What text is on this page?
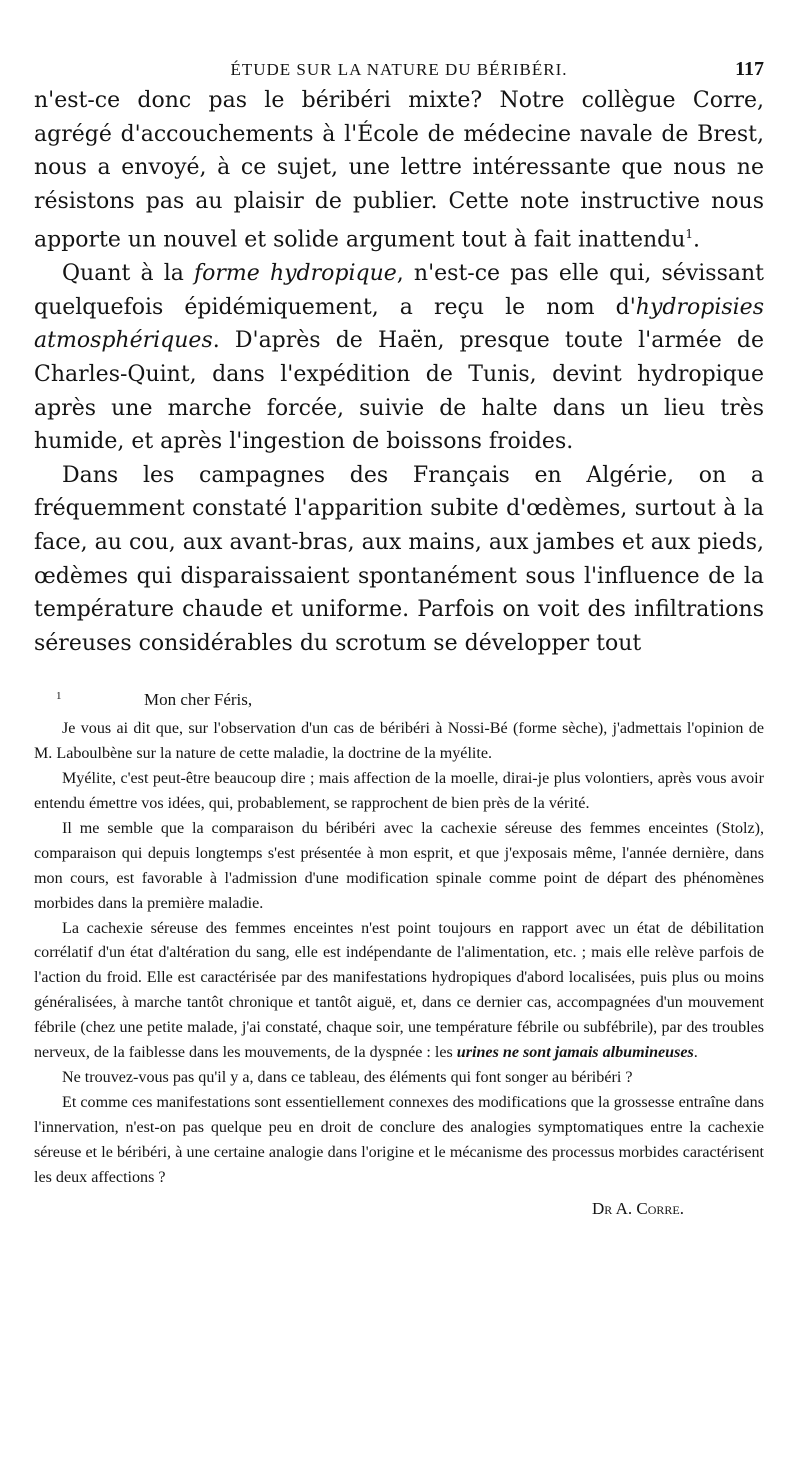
ÉTUDE SUR LA NATURE DU BÉRIBÉRI.	117

n'est-ce donc pas le béribéri mixte? Notre collègue Corre, agrégé d'accouchements à l'École de médecine navale de Brest, nous a envoyé, à ce sujet, une lettre intéressante que nous ne résistons pas au plaisir de publier. Cette note instructive nous apporte un nouvel et solide argument tout à fait inattendu$^1$.

Quant à la forme hydropique, n'est-ce pas elle qui, sévissant quelquefois épidémiquement, a reçu le nom d'hydropisies atmosphériques. D'après de Haën, presque toute l'armée de Charles-Quint, dans l'expédition de Tunis, devint hydropique après une marche forcée, suivie de halte dans un lieu très humide, et après l'ingestion de boissons froides.

Dans les campagnes des Français en Algérie, on a fréquemment constaté l'apparition subite d'œdèmes, surtout à la face, au cou, aux avant-bras, aux mains, aux jambes et aux pieds, œdèmes qui disparaissaient spontanément sous l'influence de la température chaude et uniforme. Parfois on voit des infiltrations séreuses considérables du scrotum se développer tout

1	Mon cher Féris,

Je vous ai dit que, sur l'observation d'un cas de béribéri à Nossi-Bé (forme sèche), j'admettais l'opinion de M. Laboulbène sur la nature de cette maladie, la doctrine de la myélite.

Myélite, c'est peut-être beaucoup dire ; mais affection de la moelle, dirai-je plus volontiers, après vous avoir entendu émettre vos idées, qui, probablement, se rapprochent de bien près de la vérité.

Il me semble que la comparaison du béribéri avec la cachexie séreuse des femmes enceintes (Stolz), comparaison qui depuis longtemps s'est présentée à mon esprit, et que j'exposais même, l'année dernière, dans mon cours, est favorable à l'admission d'une modification spinale comme point de départ des phénomènes morbides dans la première maladie.

La cachexie séreuse des femmes enceintes n'est point toujours en rapport avec un état de débilitation corrélatif d'un état d'altération du sang, elle est indépendante de l'alimentation, etc. ; mais elle relève parfois de l'action du froid. Elle est caractérisée par des manifestations hydropiques d'abord localisées, puis plus ou moins généralisées, à marche tantôt chronique et tantôt aiguë, et, dans ce dernier cas, accompagnées d'un mouvement fébrile (chez une petite malade, j'ai constaté, chaque soir, une température fébrile ou subfébrile), par des troubles nerveux, de la faiblesse dans les mouvements, de la dyspnée : les urines ne sont jamais albumineuses.

Ne trouvez-vous pas qu'il y a, dans ce tableau, des éléments qui font songer au béribéri ?

Et comme ces manifestations sont essentiellement connexes des modifications que la grossesse entraîne dans l'innervation, n'est-on pas quelque peu en droit de conclure des analogies symptomatiques entre la cachexie séreuse et le béribéri, à une certaine analogie dans l'origine et le mécanisme des processus morbides caractérisent les deux affections ?

Dr A. Corre.
